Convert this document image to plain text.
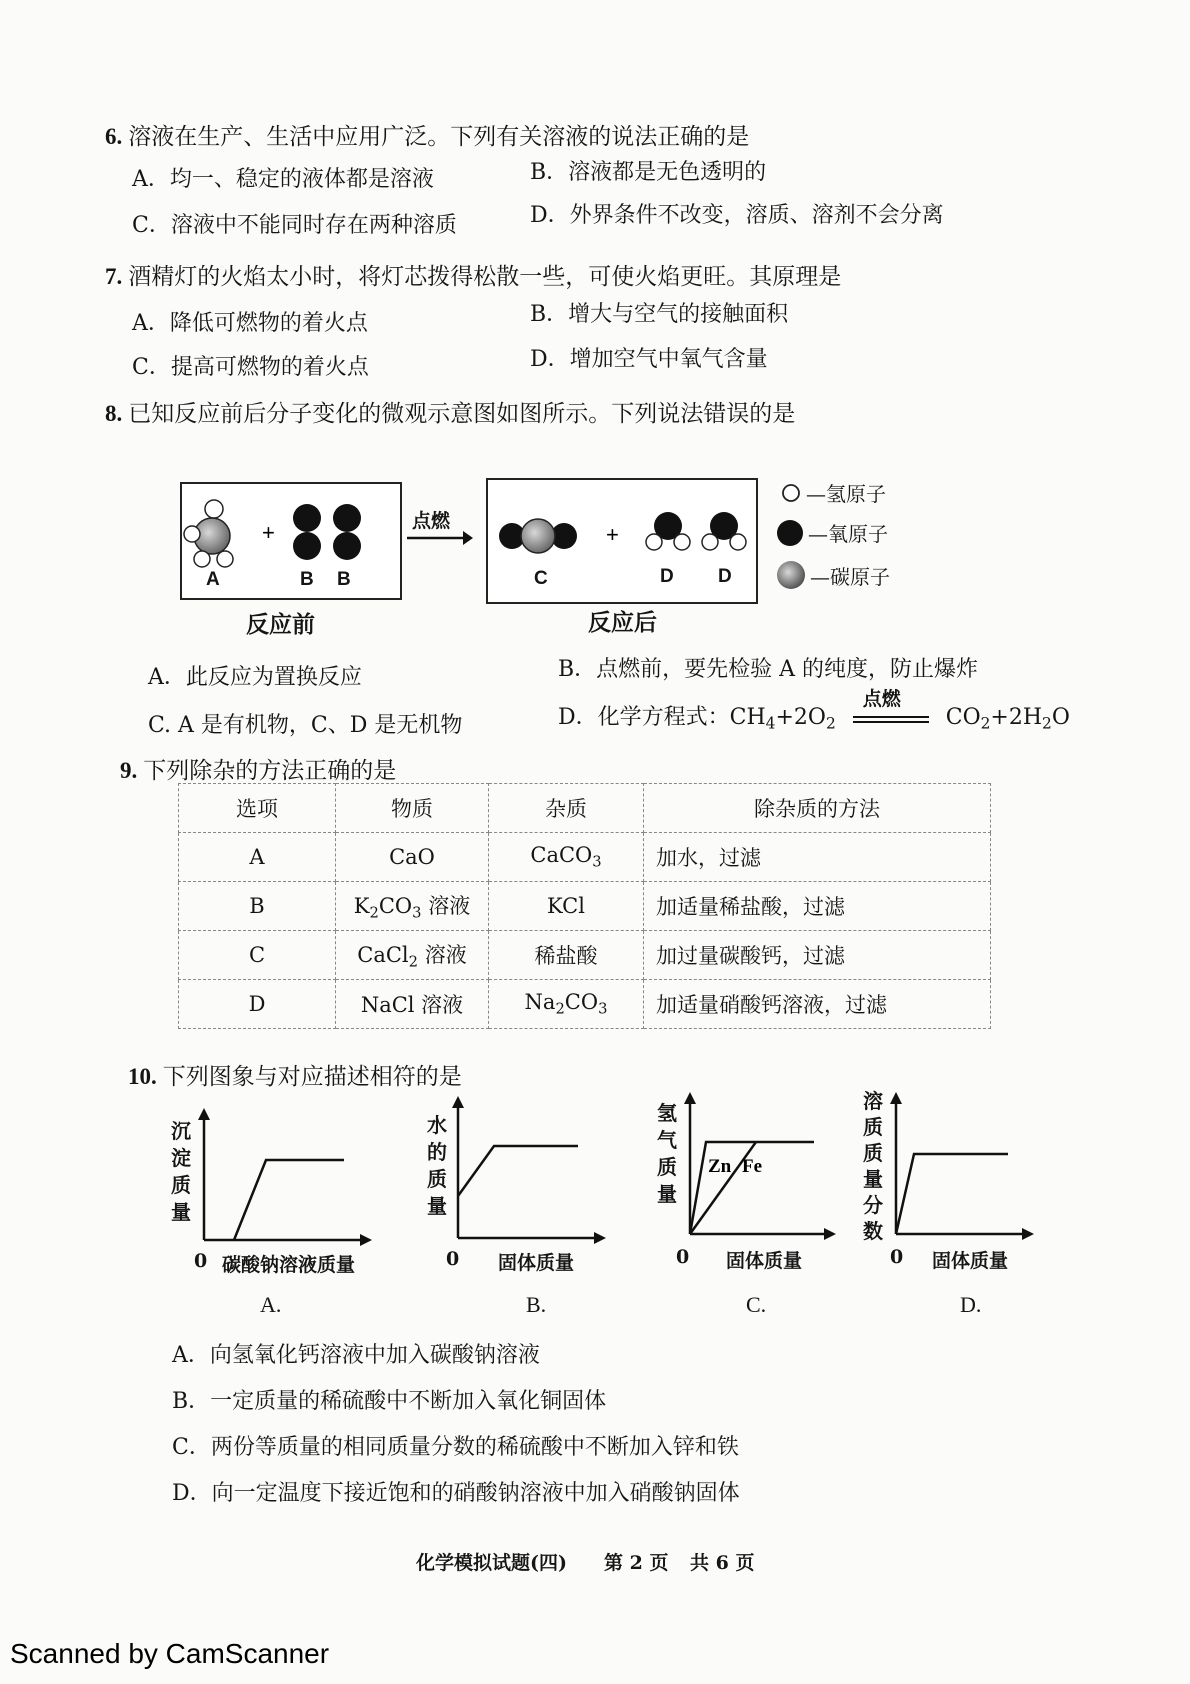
6. 溶液在生产、生活中应用广泛。下列有关溶液的说法正确的是
A．均一、稳定的液体都是溶液	B．溶液都是无色透明的
C．溶液中不能同时存在两种溶质	D．外界条件不改变，溶质、溶剂不会分离
7. 酒精灯的火焰太小时，将灯芯拨得松散一些，可使火焰更旺。其原理是
A．降低可燃物的着火点	B．增大与空气的接触面积
C．提高可燃物的着火点	D．增加空气中氧气含量
8. 已知反应前后分子变化的微观示意图如图所示。下列说法错误的是
+
A	B B
点燃
+
C	D D
—氢原子
—氧原子
—碳原子
反应前	反应后
A．此反应为置换反应	B．点燃前，要先检验 A 的纯度，防止爆炸
C. A 是有机物，C、D 是无机物	D．化学方程式：$CH_4+2O_2$
点燃
$CO_2+2H_2O$
9. 下列除杂的方法正确的是
选项	物质	杂质	除杂质的方法
A	CaO	CaCO$_3$	加水，过滤
B	$K_2CO_3$ 溶液	KCl	加适量稀盐酸，过滤
C	CaCl$_2$ 溶液	稀盐酸	加过量碳酸钙，过滤
D	NaCl 溶液	$Na_2CO_3$	加适量硝酸钙溶液，过滤
10. 下列图象与对应描述相符的是
沉
淀
质
量
0 碳酸钠溶液质量
A.
水
的
质
量
0 固体质量
B.
氢
气
质
量
Zn Fe
0 固体质量
C.
溶
质
质
量
分
数
0 固体质量
D.
A．向氢氧化钙溶液中加入碳酸钠溶液
B．一定质量的稀硫酸中不断加入氧化铜固体
C．两份等质量的相同质量分数的稀硫酸中不断加入锌和铁
D．向一定温度下接近饱和的硝酸钠溶液中加入硝酸钠固体
化学模拟试题(四) 第 2 页 共 6 页
Scanned by CamScanner
